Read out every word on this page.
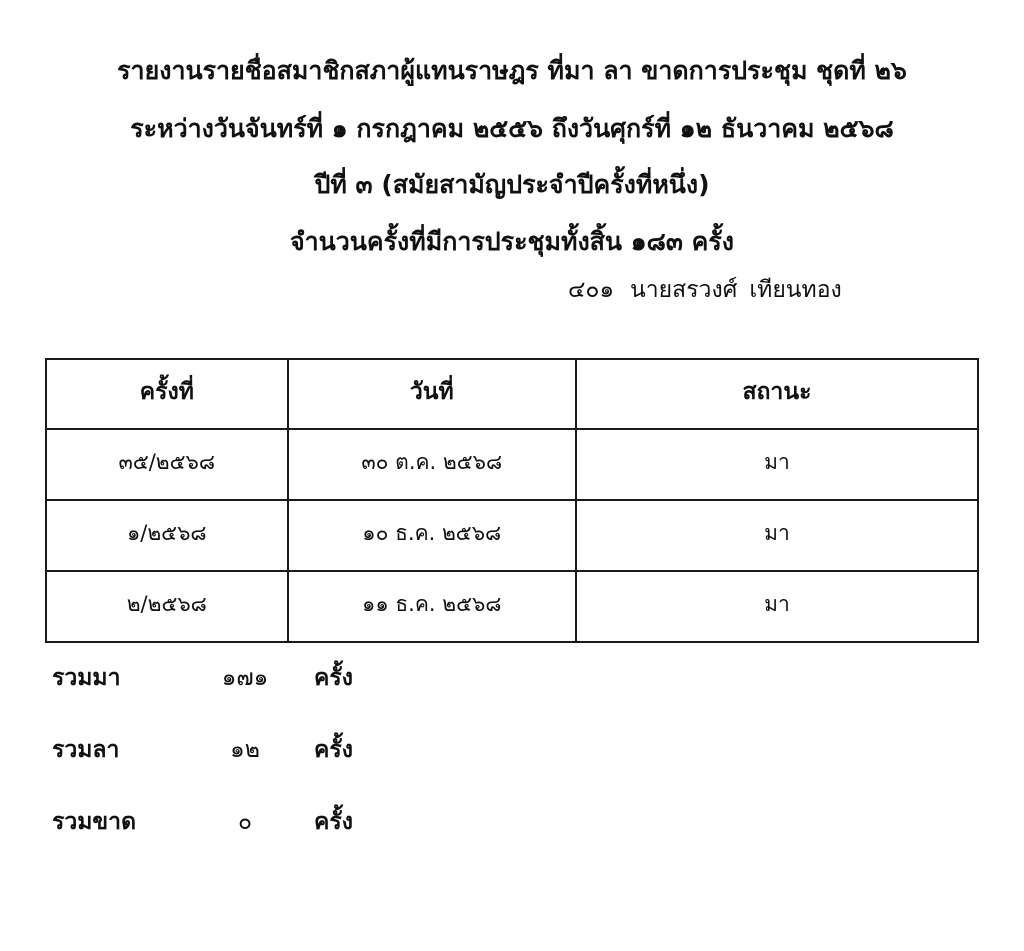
รายงานรายชื่อสมาชิกสภาผู้แทนราษฎร ที่มา ลา ขาดการประชุม ชุดที่ ๒๖
ระหว่างวันจันทร์ที่ ๑ กรกฎาคม ๒๕๕๖ ถึงวันศุกร์ที่ ๑๒ ธันวาคม ๒๕๖๘
ปีที่ ๓ (สมัยสามัญประจำปีครั้งที่หนึ่ง)
จำนวนครั้งที่มีการประชุมทั้งสิ้น ๑๘๓ ครั้ง
๔๐๑ นายสรวงศ์ เทียนทอง
ครั้งที่	วันที่	สถานะ
๓๕/๒๕๖๘	๓๐ ต.ค. ๒๕๖๘	มา
๑/๒๕๖๘	๑๐ ธ.ค. ๒๕๖๘	มา
๒/๒๕๖๘	๑๑ ธ.ค. ๒๕๖๘	มา
รวมมา	๑๗๑	ครั้ง
รวมลา	๑๒	ครั้ง
รวมขาด	๐	ครั้ง
